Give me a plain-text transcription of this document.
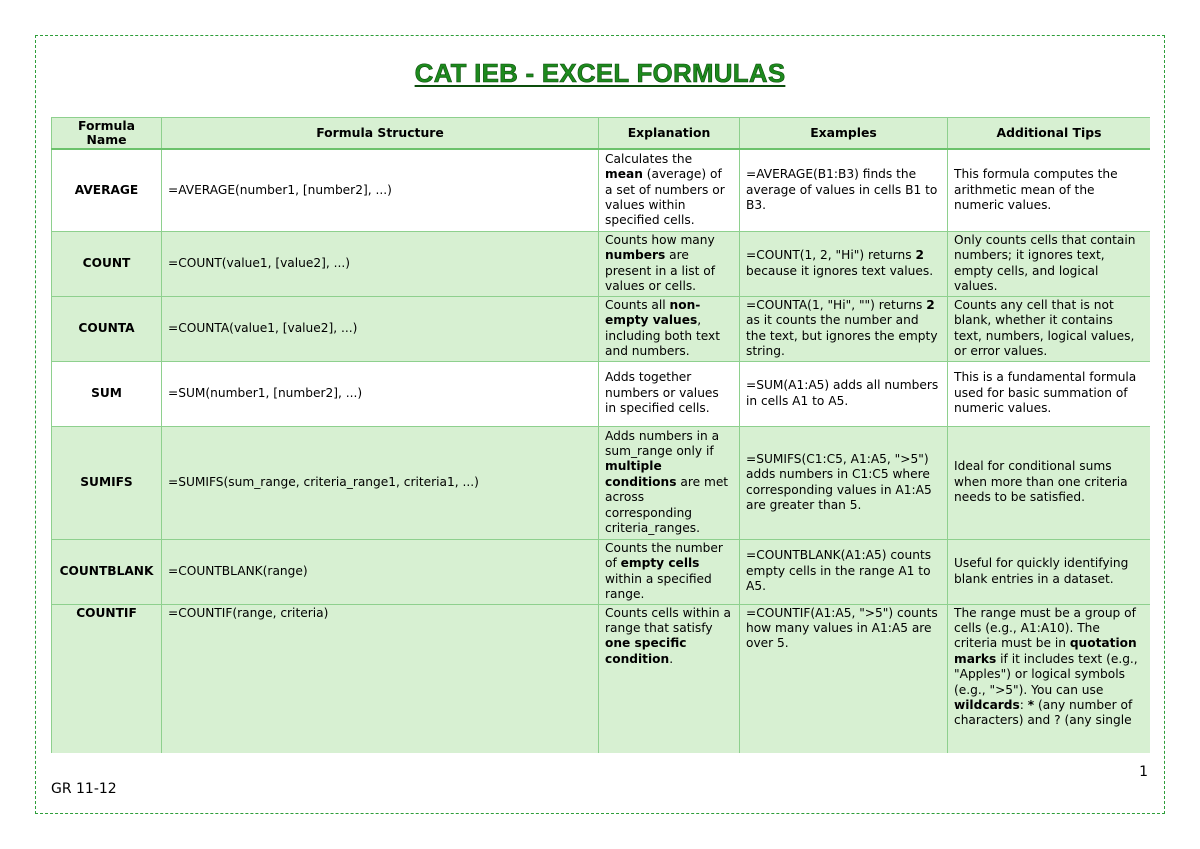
CAT IEB - EXCEL FORMULAS
Formula Name	Formula Structure	Explanation	Examples	Additional Tips
AVERAGE	=AVERAGE(number1, [number2], ...)	Calculates the mean (average) of a set of numbers or values within specified cells.	=AVERAGE(B1:B3) finds the average of values in cells B1 to B3.	This formula computes the arithmetic mean of the numeric values.
COUNT	=COUNT(value1, [value2], ...)	Counts how many numbers are present in a list of values or cells.	=COUNT(1, 2, "Hi") returns 2 because it ignores text values.	Only counts cells that contain numbers; it ignores text, empty cells, and logical values.
COUNTA	=COUNTA(value1, [value2], ...)	Counts all non-empty values, including both text and numbers.	=COUNTA(1, "Hi", "") returns 2 as it counts the number and the text, but ignores the empty string.	Counts any cell that is not blank, whether it contains text, numbers, logical values, or error values.
SUM	=SUM(number1, [number2], ...)	Adds together numbers or values in specified cells.	=SUM(A1:A5) adds all numbers in cells A1 to A5.	This is a fundamental formula used for basic summation of numeric values.
SUMIFS	=SUMIFS(sum_range, criteria_range1, criteria1, ...)	Adds numbers in a sum_range only if multiple conditions are met across corresponding criteria_ranges.	=SUMIFS(C1:C5, A1:A5, ">5") adds numbers in C1:C5 where corresponding values in A1:A5 are greater than 5.	Ideal for conditional sums when more than one criteria needs to be satisfied.
COUNTBLANK	=COUNTBLANK(range)	Counts the number of empty cells within a specified range.	=COUNTBLANK(A1:A5) counts empty cells in the range A1 to A5.	Useful for quickly identifying blank entries in a dataset.
COUNTIF	=COUNTIF(range, criteria)	Counts cells within a range that satisfy one specific condition.	=COUNTIF(A1:A5, ">5") counts how many values in A1:A5 are over 5.	The range must be a group of cells (e.g., A1:A10). The criteria must be in quotation marks if it includes text (e.g., "Apples") or logical symbols (e.g., ">5"). You can use wildcards: * (any number of characters) and ? (any single
1
GR 11-12
